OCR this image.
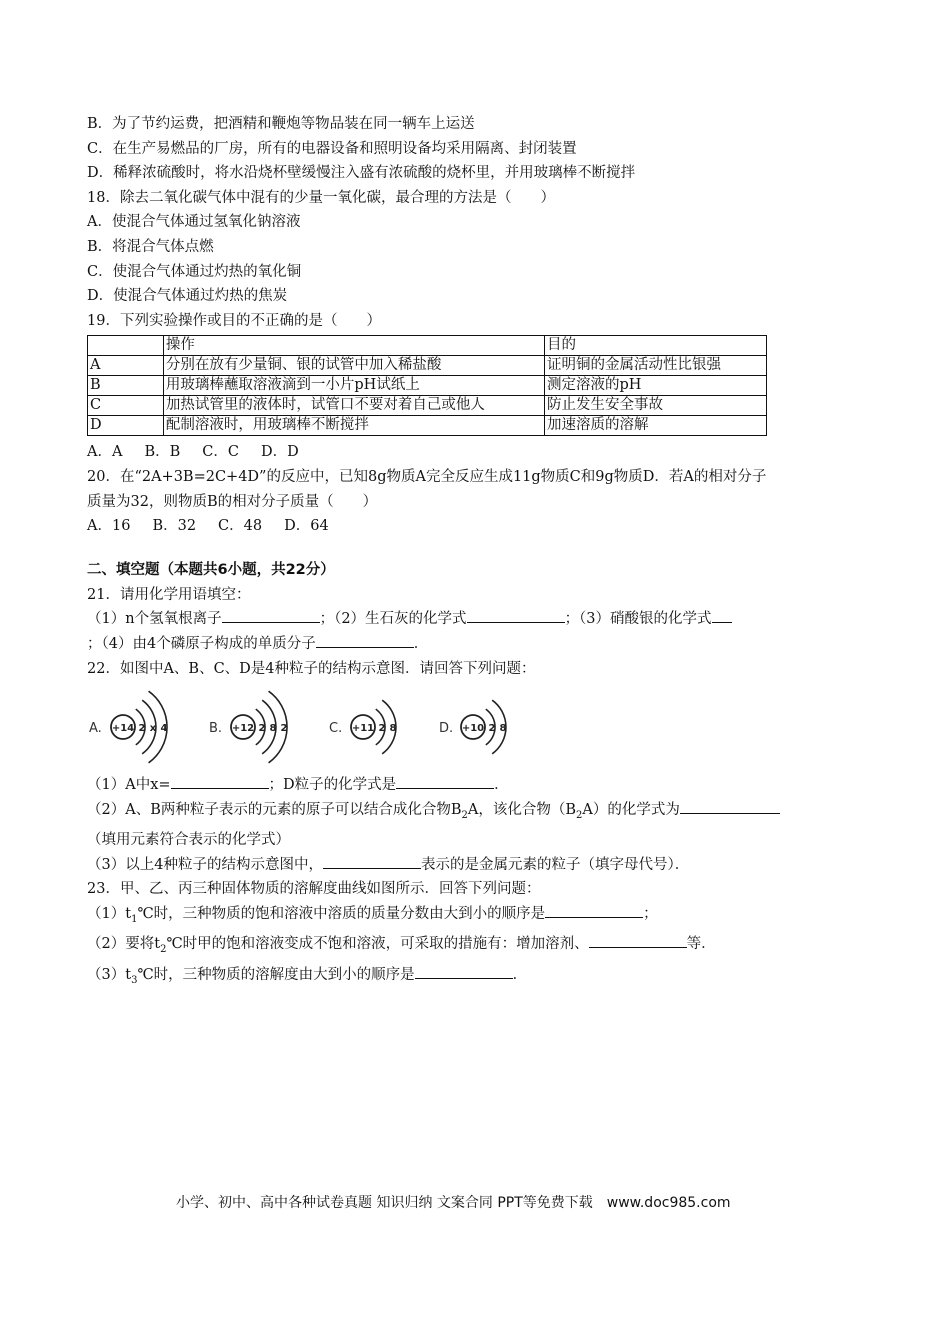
B．为了节约运费，把酒精和鞭炮等物品装在同一辆车上运送
C．在生产易燃品的厂房，所有的电器设备和照明设备均采用隔离、封闭装置
D．稀释浓硫酸时，将水沿烧杯壁缓慢注入盛有浓硫酸的烧杯里，并用玻璃棒不断搅拌
18．除去二氧化碳气体中混有的少量一氧化碳，最合理的方法是（　　）
A．使混合气体通过氢氧化钠溶液
B．将混合气体点燃
C．使混合气体通过灼热的氧化铜
D．使混合气体通过灼热的焦炭
19．下列实验操作或目的不正确的是（　　）
	操作	目的
A	分别在放有少量铜、银的试管中加入稀盐酸	证明铜的金属活动性比银强
B	用玻璃棒蘸取溶液滴到一小片pH试纸上	测定溶液的pH
C	加热试管里的液体时，试管口不要对着自己或他人	防止发生安全事故
D	配制溶液时，用玻璃棒不断搅拌	加速溶质的溶解
A．A B．B C．C D．D
20．在“2A+3B=2C+4D”的反应中，已知8g物质A完全反应生成11g物质C和9g物质D．若A的相对分子
质量为32，则物质B的相对分子质量（　　）
A．16 B．32 C．48 D．64
二、填空题（本题共6小题，共22分）
21．请用化学用语填空：
（1）n个氢氧根离子	；（2）生石灰的化学式	；（3）硝酸银的化学式
；（4）由4个磷原子构成的单质分子	．
22．如图中A、B、C、D是4种粒子的结构示意图．请回答下列问题：
A. +14 2 x 4	B. +12 2 8 2	C. +11 2 8	D. +10 2 8
（1）A中x=	；D粒子的化学式是	．
（2）A、B两种粒子表示的元素的原子可以结合成化合物$B_2A$，该化合物$(B_2A)$的化学式为
（填用元素符合表示的化学式）
（3）以上4种粒子的结构示意图中，	表示的是金属元素的粒子（填字母代号）．
23．甲、乙、丙三种固体物质的溶解度曲线如图所示．回答下列问题：
$(1)t_1℃$时，三种物质的饱和溶液中溶质的质量分数由大到小的顺序是	；
（2）要将$t_2℃$时甲的饱和溶液变成不饱和溶液，可采取的措施有：增加溶剂、	等．
$(3)t_3℃$时，三种物质的溶解度由大到小的顺序是	．
小学、初中、高中各种试卷真题 知识归纳 文案合同 PPT等免费下载　www.doc985.com
